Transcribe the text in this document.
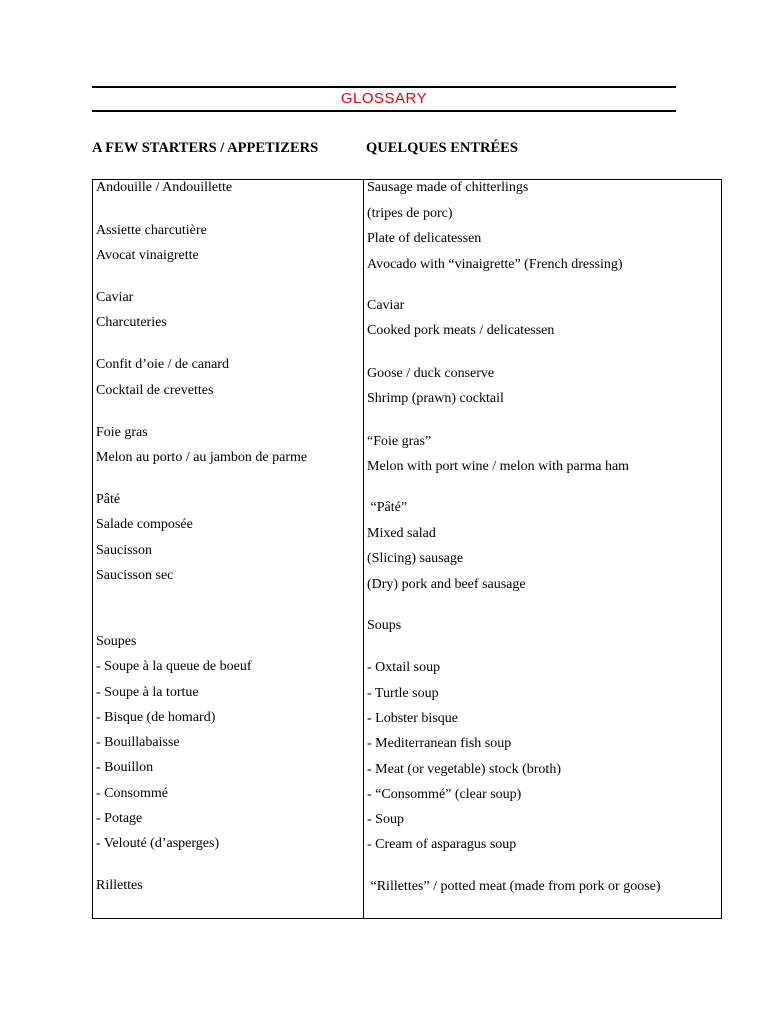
GLOSSARY
A FEW STARTERS / APPETIZERS	QUELQUES ENTRÉES
Andouille / Andouillette
Assiette charcutière
Avocat vinaigrette
Caviar
Charcuteries
Confit d’oie / de canard
Cocktail de crevettes
Foie gras
Melon au porto / au jambon de parme
Pâté
Salade composée
Saucisson
Saucisson sec
Soupes
- Soupe à la queue de boeuf
- Soupe à la tortue
- Bisque (de homard)
- Bouillabaisse
- Bouillon
- Consommé
- Potage
- Velouté (d’asperges)
Rillettes
Sausage made of chitterlings
(tripes de porc)
Plate of delicatessen
Avocado with “vinaigrette” (French dressing)
Caviar
Cooked pork meats / delicatessen
Goose / duck conserve
Shrimp (prawn) cocktail
“Foie gras”
Melon with port wine / melon with parma ham
“Pâté”
Mixed salad
(Slicing) sausage
(Dry) pork and beef sausage
Soups
- Oxtail soup
- Turtle soup
- Lobster bisque
- Mediterranean fish soup
- Meat (or vegetable) stock (broth)
- “Consommé” (clear soup)
- Soup
- Cream of asparagus soup
“Rillettes” / potted meat (made from pork or goose)
